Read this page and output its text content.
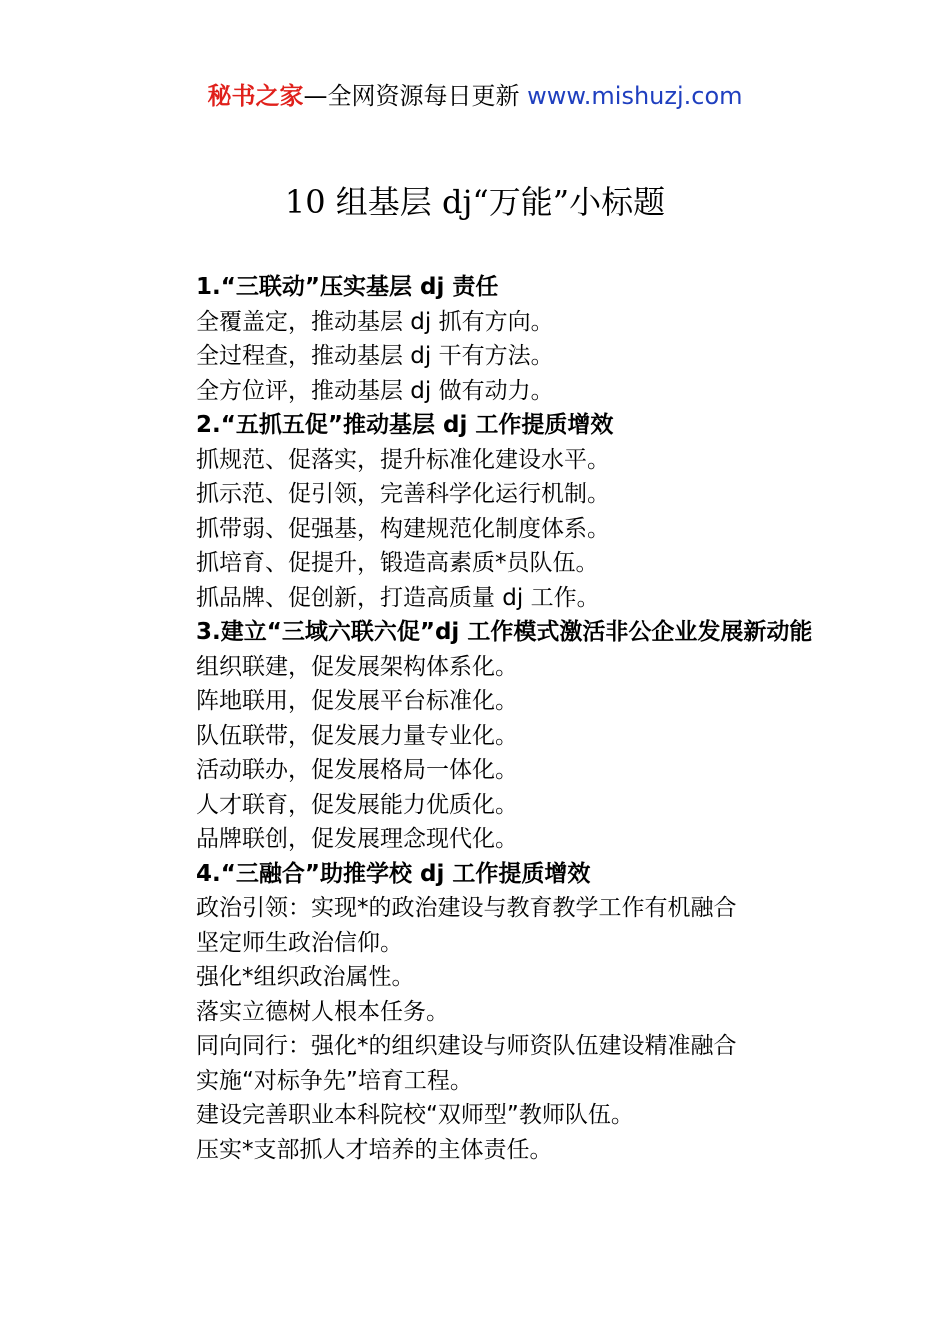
秘书之家—全网资源每日更新 www.mishuzj.com
10 组基层 dj“万能”小标题
1.“三联动”压实基层 dj 责任
全覆盖定，推动基层 dj 抓有方向。
全过程查，推动基层 dj 干有方法。
全方位评，推动基层 dj 做有动力。
2.“五抓五促”推动基层 dj 工作提质增效
抓规范、促落实，提升标准化建设水平。
抓示范、促引领，完善科学化运行机制。
抓带弱、促强基，构建规范化制度体系。
抓培育、促提升，锻造高素质*员队伍。
抓品牌、促创新，打造高质量 dj 工作。
3.建立“三域六联六促”dj 工作模式激活非公企业发展新动能
组织联建，促发展架构体系化。
阵地联用，促发展平台标准化。
队伍联带，促发展力量专业化。
活动联办，促发展格局一体化。
人才联育，促发展能力优质化。
品牌联创，促发展理念现代化。
4.“三融合”助推学校 dj 工作提质增效
政治引领：实现*的政治建设与教育教学工作有机融合
坚定师生政治信仰。
强化*组织政治属性。
落实立德树人根本任务。
同向同行：强化*的组织建设与师资队伍建设精准融合
实施“对标争先”培育工程。
建设完善职业本科院校“双师型”教师队伍。
压实*支部抓人才培养的主体责任。
